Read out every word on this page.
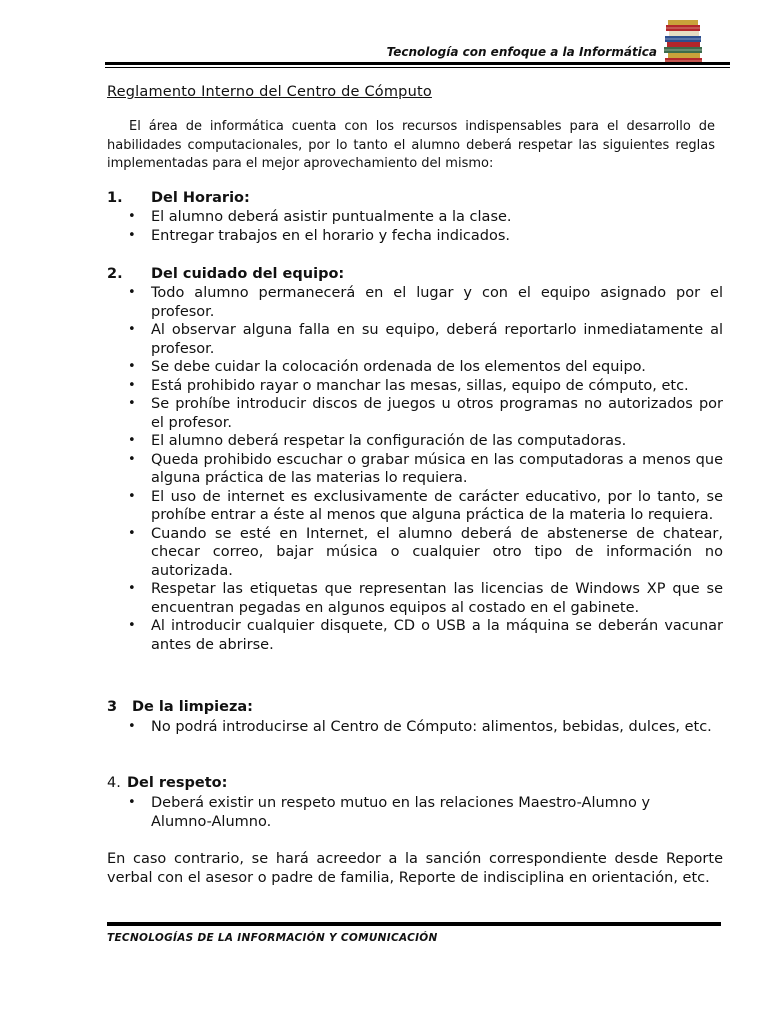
Tecnología con enfoque a la Informática
Reglamento Interno del Centro de Cómputo

El área de informática cuenta con los recursos indispensables para el desarrollo de habilidades computacionales, por lo tanto el alumno deberá respetar las siguientes reglas implementadas para el mejor aprovechamiento del mismo:

1. Del Horario:
• El alumno deberá asistir puntualmente a la clase.
• Entregar trabajos en el horario y fecha indicados.
2. Del cuidado del equipo:
• Todo alumno permanecerá en el lugar y con el equipo asignado por el profesor.
• Al observar alguna falla en su equipo, deberá reportarlo inmediatamente al profesor.
• Se debe cuidar la colocación ordenada de los elementos del equipo.
• Está prohibido rayar o manchar las mesas, sillas, equipo de cómputo, etc.
• Se prohíbe introducir discos de juegos u otros programas no autorizados por el profesor.
• El alumno deberá respetar la configuración de las computadoras.
• Queda prohibido escuchar o grabar música en las computadoras a menos que alguna práctica de las materias lo requiera.
• El uso de internet es exclusivamente de carácter educativo, por lo tanto, se prohíbe entrar a éste al menos que alguna práctica de la materia lo requiera.
• Cuando se esté en Internet, el alumno deberá de abstenerse de chatear, checar correo, bajar música o cualquier otro tipo de información no autorizada.
• Respetar las etiquetas que representan las licencias de Windows XP que se encuentran pegadas en algunos equipos al costado en el gabinete.
• Al introducir cualquier disquete, CD o USB a la máquina se deberán vacunar antes de abrirse.
3 De la limpieza:
• No podrá introducirse al Centro de Cómputo: alimentos, bebidas, dulces, etc.
4. Del respeto:
• Deberá existir un respeto mutuo en las relaciones Maestro-Alumno y Alumno-Alumno.

En caso contrario, se hará acreedor a la sanción correspondiente desde Reporte verbal con el asesor o padre de familia, Reporte de indisciplina en orientación, etc.

TECNOLOGÍAS DE LA INFORMACIÓN Y COMUNICACIÓN
